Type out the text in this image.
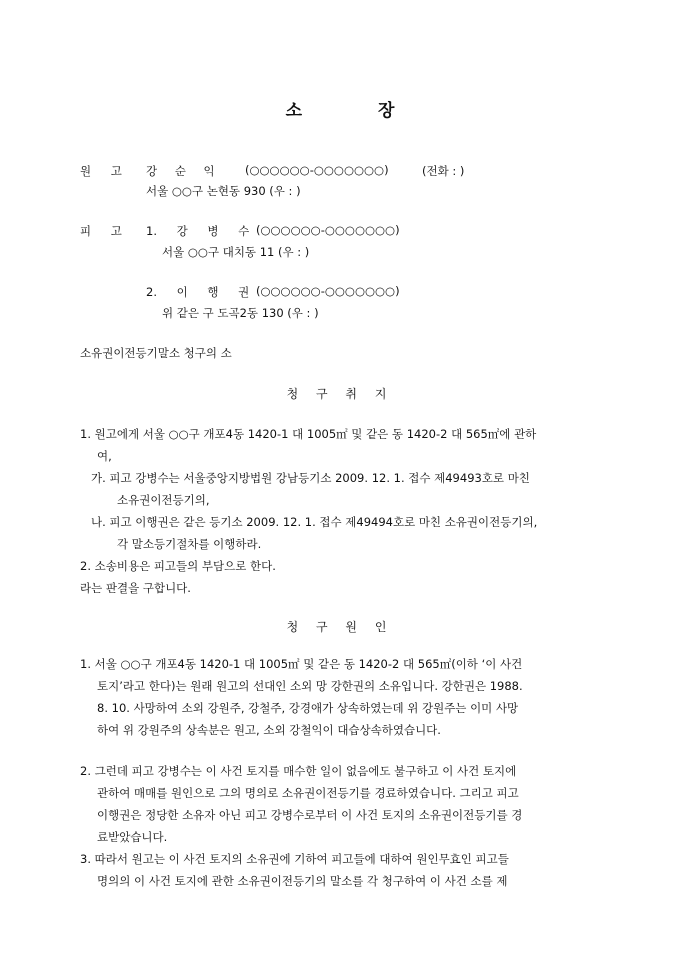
소	장
원 고 강 순 익	(○○○○○○-○○○○○○○)	(전화 : )
서울 ○○구 논현동 930 (우 : )
피 고 1. 강 병 수 (○○○○○○-○○○○○○○)
서울 ○○구 대치동 11 (우 : )
2. 이 행 권 (○○○○○○-○○○○○○○)
위 같은 구 도곡2동 130 (우 : )
소유권이전등기말소 청구의 소
청 구 취 지
1. 원고에게 서울 ○○구 개포4동 1420-1 대 1005㎡ 및 같은 동 1420-2 대 565㎡에 관하
여,
가. 피고 강병수는 서울중앙지방법원 강남등기소 2009. 12. 1. 접수 제49493호로 마친
소유권이전등기의,
나. 피고 이행권은 같은 등기소 2009. 12. 1. 접수 제49494호로 마친 소유권이전등기의,
각 말소등기절차를 이행하라.
2. 소송비용은 피고들의 부담으로 한다.
라는 판결을 구합니다.
청 구 원 인
1. 서울 ○○구 개포4동 1420-1 대 1005㎡ 및 같은 동 1420-2 대 565㎡(이하 ‘이 사건
토지’라고 한다)는 원래 원고의 선대인 소외 망 강한권의 소유입니다. 강한권은 1988.
8. 10. 사망하여 소외 강원주, 강철주, 강경애가 상속하였는데 위 강원주는 이미 사망
하여 위 강원주의 상속분은 원고, 소외 강철익이 대습상속하였습니다.
2. 그런데 피고 강병수는 이 사건 토지를 매수한 일이 없음에도 불구하고 이 사건 토지에
관하여 매매를 원인으로 그의 명의로 소유권이전등기를 경료하였습니다. 그리고 피고
이행권은 정당한 소유자 아닌 피고 강병수로부터 이 사건 토지의 소유권이전등기를 경
료받았습니다.
3. 따라서 원고는 이 사건 토지의 소유권에 기하여 피고들에 대하여 원인무효인 피고들
명의의 이 사건 토지에 관한 소유권이전등기의 말소를 각 청구하여 이 사건 소를 제
